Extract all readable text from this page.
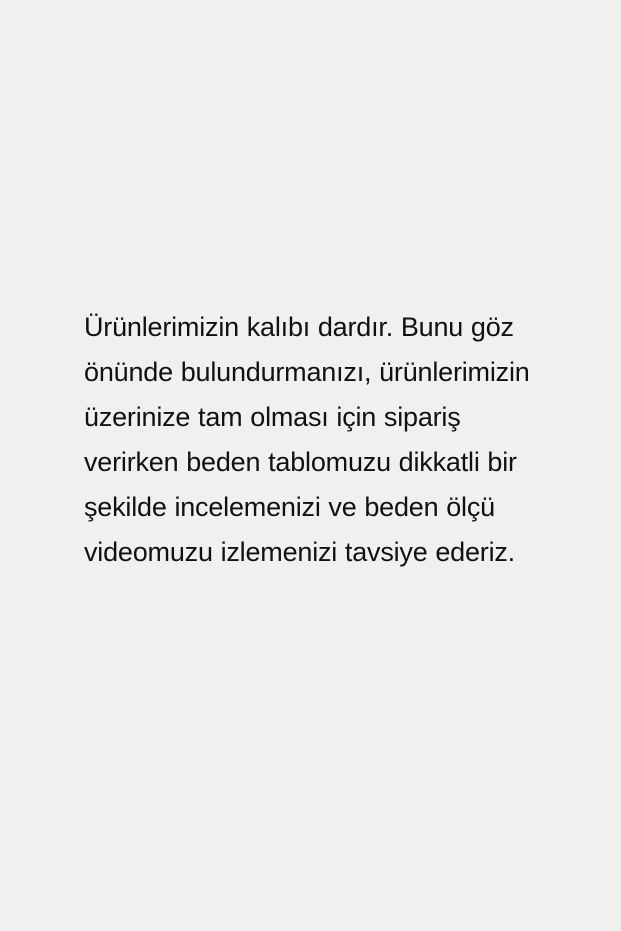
Ürünlerimizin kalıbı dardır. Bunu göz önünde bulundurmanızı, ürünlerimizin üzerinize tam olması için sipariş verirken beden tablomuzu dikkatli bir şekilde incelemenizi ve beden ölçü videomuzu izlemenizi tavsiye ederiz.
